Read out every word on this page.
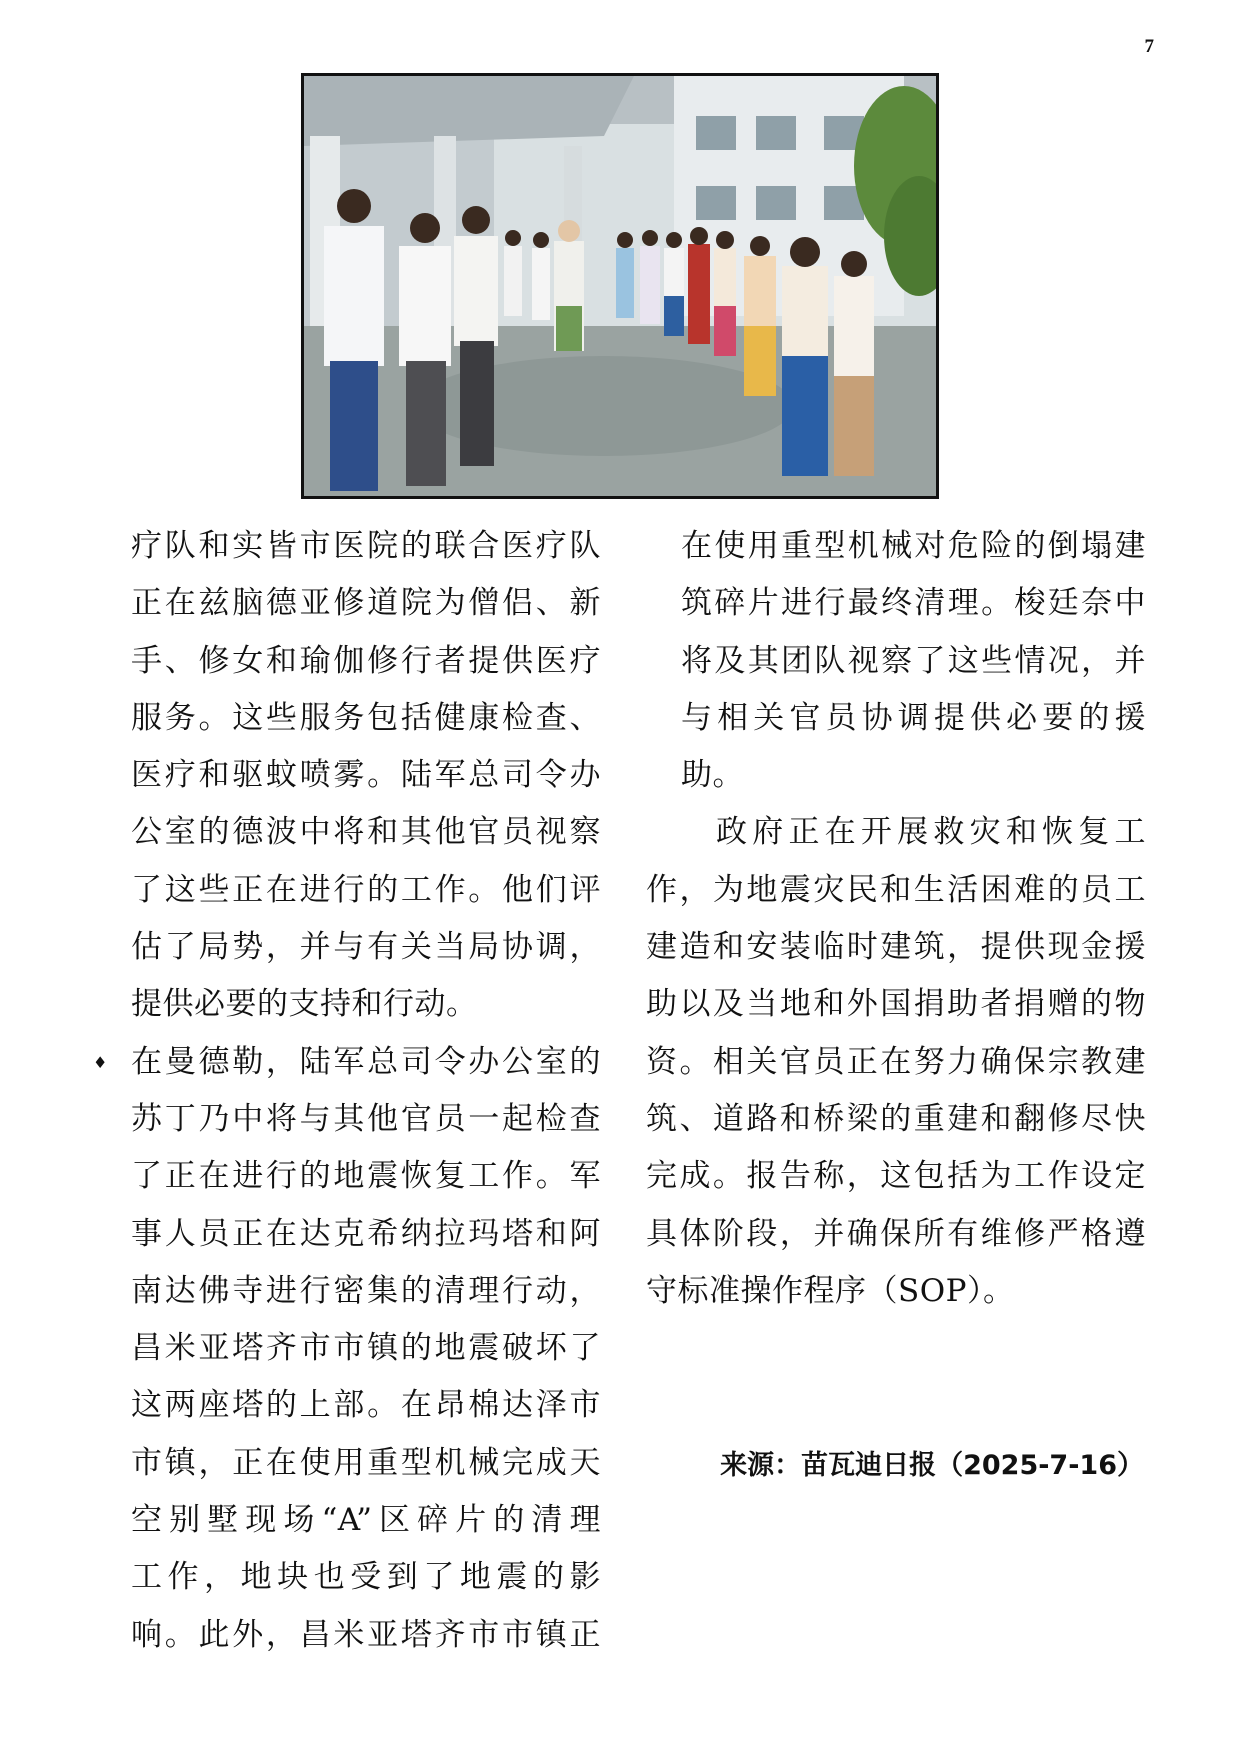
7
疗队和实皆市医院的联合医疗队
正在兹脑德亚修道院为僧侣、新
手、修女和瑜伽修行者提供医疗
服务。这些服务包括健康检查、
医疗和驱蚊喷雾。陆军总司令办
公室的德波中将和其他官员视察
了这些正在进行的工作。他们评
估了局势，并与有关当局协调，
提供必要的支持和行动。
♦ 在曼德勒，陆军总司令办公室的
苏丁乃中将与其他官员一起检查
了正在进行的地震恢复工作。军
事人员正在达克希纳拉玛塔和阿
南达佛寺进行密集的清理行动，
昌米亚塔齐市市镇的地震破坏了
这两座塔的上部。在昂棉达泽市
市镇，正在使用重型机械完成天
空别墅现场“A”区碎片的清理
工作，地块也受到了地震的影
响。此外，昌米亚塔齐市市镇正
在使用重型机械对危险的倒塌建
筑碎片进行最终清理。梭廷奈中
将及其团队视察了这些情况，并
与相关官员协调提供必要的援
助。
政府正在开展救灾和恢复工
作，为地震灾民和生活困难的员工
建造和安装临时建筑，提供现金援
助以及当地和外国捐助者捐赠的物
资。相关官员正在努力确保宗教建
筑、道路和桥梁的重建和翻修尽快
完成。报告称，这包括为工作设定
具体阶段，并确保所有维修严格遵
守标准操作程序（SOP）。
来源：苗瓦迪日报（2025-7-16）
